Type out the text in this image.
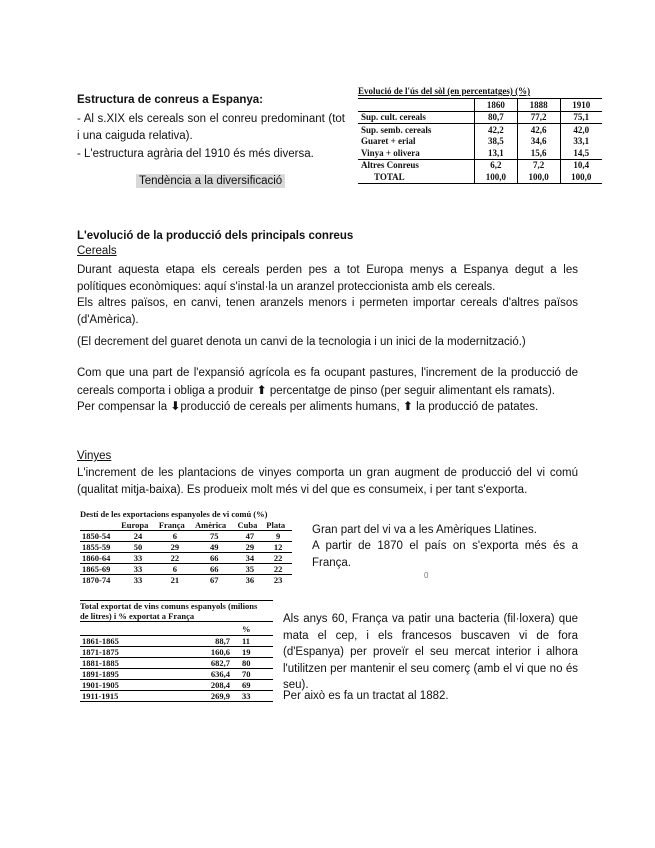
Estructura de conreus a Espanya:
- Al s.XIX els cereals son el conreu predominant (tot i una caiguda relativa).
- L'estructura agrària del 1910 és més diversa.
Tendència a la diversificació
Evolució de l'ús del sòl (en percentatges) (%)
	1860	1888	1910
Sup. cult. cereals	80,7	77,2	75,1
Sup. semb. cereals	42,2	42,6	42,0
Guaret + erial	38,5	34,6	33,1
Vinya + olivera	13,1	15,6	14,5
Altres Conreus	6,2	7,2	10,4
TOTAL	100,0	100,0	100,0
L'evolució de la producció dels principals conreus
Cereals
Durant aquesta etapa els cereals perden pes a tot Europa menys a Espanya degut a les polítiques econòmiques: aquí s'instal·la un aranzel proteccionista amb els cereals.
Els altres països, en canvi, tenen aranzels menors i permeten importar cereals d'altres països (d'Amèrica).
(El decrement del guaret denota un canvi de la tecnologia i un inici de la modernització.)
Com que una part de l'expansió agrícola es fa ocupant pastures, l'increment de la producció de cereals comporta i obliga a produir ⬆ percentatge de pinso (per seguir alimentant els ramats).
Per compensar la ⬇producció de cereals per aliments humans, ⬆ la producció de patates.
Vinyes
L'increment de les plantacions de vinyes comporta un gran augment de producció del vi comú (qualitat mitja-baixa). Es produeix molt més vi del que es consumeix, i per tant s'exporta.
Destí de les exportacions espanyoles de vi comú (%)
	Europa	França	Amèrica	Cuba	Plata
1850-54	24	6	75	47	9
1855-59	50	29	49	29	12
1860-64	33	22	66	34	22
1865-69	33	6	66	35	22
1870-74	33	21	67	36	23
Gran part del vi va a les Amèriques Llatines.
A partir de 1870 el país on s'exporta més és a França.
0
Total exportat de vins comuns espanyols (milions
de litres) i % exportat a França
		%
1861-1865	88,7	11
1871-1875	160,6	19
1881-1885	682,7	80
1891-1895	636,4	70
1901-1905	208,4	69
1911-1915	269,9	33
Als anys 60, França va patir una bacteria (fil·loxera) que mata el cep, i els francesos buscaven vi de fora (d'Espanya) per proveïr el seu mercat interior i alhora l'utilitzen per mantenir el seu comerç (amb el vi que no és seu).
Per això es fa un tractat al 1882.
